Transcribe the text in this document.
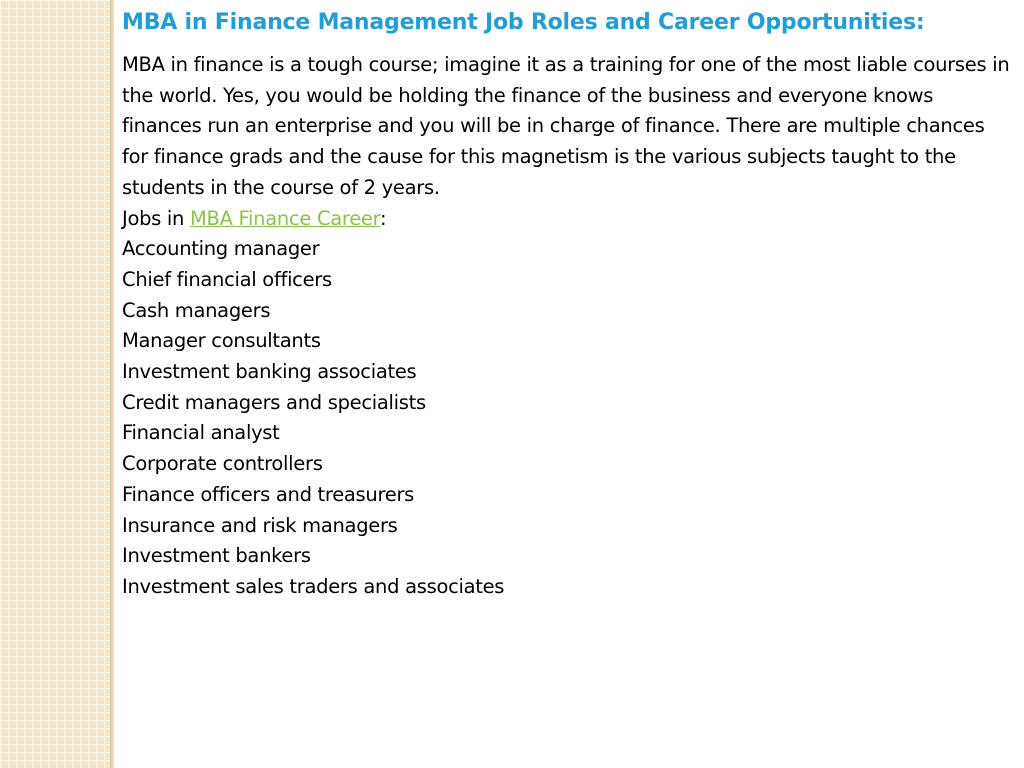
MBA in Finance Management Job Roles and Career Opportunities:

MBA in finance is a tough course; imagine it as a training for one of the most liable courses in the world. Yes, you would be holding the finance of the business and everyone knows finances run an enterprise and you will be in charge of finance. There are multiple chances for finance grads and the cause for this magnetism is the various subjects taught to the students in the course of 2 years.

Jobs in MBA Finance Career:

Accounting manager
Chief financial officers
Cash managers
Manager consultants
Investment banking associates
Credit managers and specialists
Financial analyst
Corporate controllers
Finance officers and treasurers
Insurance and risk managers
Investment bankers
Investment sales traders and associates
